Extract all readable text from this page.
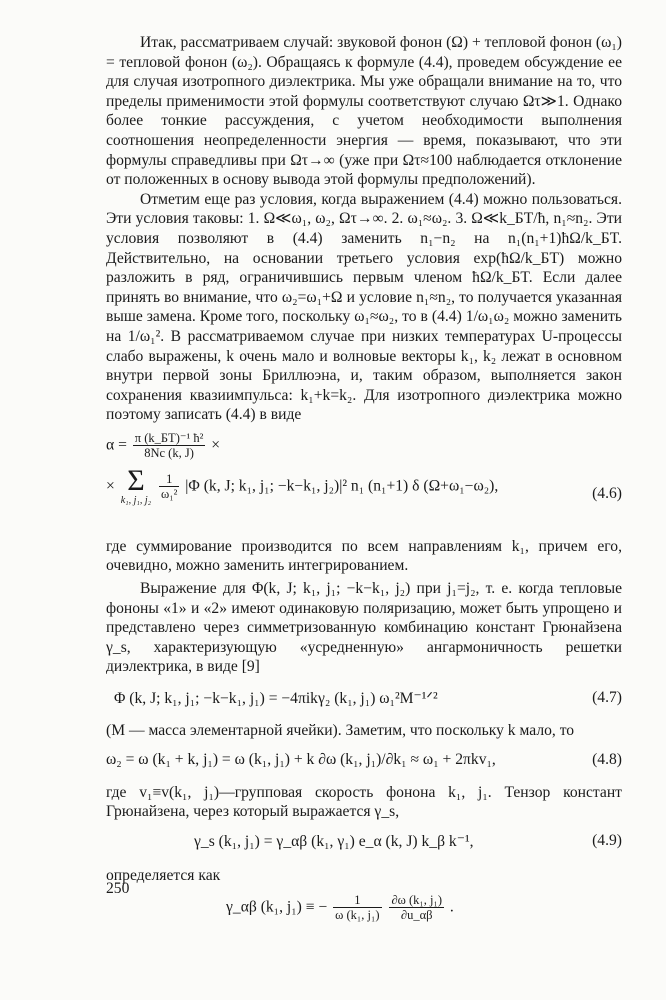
Итак, рассматриваем случай: звуковой фонон (Ω) + тепловой фонон (ω₁) = тепловой фонон (ω₂). Обращаясь к формуле (4.4), проведем обсуждение ее для случая изотропного диэлектрика. Мы уже обращали внимание на то, что пределы применимости этой формулы соответствуют случаю Ωτ≫1. Однако более тонкие рассуждения, с учетом необходимости выполнения соотношения неопределенности энергия — время, показывают, что эти формулы справедливы при Ωτ→∞ (уже при Ωτ≈100 наблюдается отклонение от положенных в основу вывода этой формулы предположений).

Отметим еще раз условия, когда выражением (4.4) можно пользоваться. Эти условия таковы: 1. Ω≪ω₁, ω₂, Ωτ→∞. 2. ω₁≈ω₂. 3. Ω≪k_БT/ħ, n₁≈n₂. Эти условия позволяют в (4.4) заменить n₁−n₂ на n₁(n₁+1)ħΩ/k_БT. Действительно, на основании третьего условия exp(ħΩ/k_БT) можно разложить в ряд, ограничившись первым членом ħΩ/k_БT. Если далее принять во внимание, что ω₂=ω₁+Ω и условие n₁≈n₂, то получается указанная выше замена. Кроме того, поскольку ω₁≈ω₂, то в (4.4) 1/ω₁ω₂ можно заменить на 1/ω₁². В рассматриваемом случае при низких температурах U-процессы слабо выражены, k очень мало и волновые векторы k₁, k₂ лежат в основном внутри первой зоны Бриллюэна, и, таким образом, выполняется закон сохранения квазиимпульса: k₁+k=k₂. Для изотропного диэлектрика можно поэтому записать (4.4) в виде

$\alpha = \frac{\text{π (k\_БT)⁻¹ ħ²}}{8Nc (k, J)}$ ×
× Σ
k₁, j₁, j₂
$\frac{1}{\text{ω₁²}} |\Phi$ (k, J; k₁, j₁; −k−k₁, j₂)|² n₁ (n₁+1) δ (Ω+ω₁−ω₂),	(4.6)

где суммирование производится по всем направлениям k₁, причем его, очевидно, можно заменить интегрированием.

Выражение для Φ(k, J; k₁, j₁; −k−k₁, j₂) при j₁=j₂, т. е. когда тепловые фононы «1» и «2» имеют одинаковую поляризацию, может быть упрощено и представлено через симметризованную комбинацию констант Грюнайзена γ_s, характеризующую «усредненную» ангармоничность решетки диэлектрика, в виде [9]

Φ (k, J; k₁, j₁; −k−k₁, j₁) = −4πikγ₂ (k₁, j₁) ω₁²M⁻¹ᐟ²	(4.7)

(M — масса элементарной ячейки). Заметим, что поскольку k мало, то

ω₂ = ω (k₁ + k, j₁) = ω (k₁, j₁) + k ∂ω (k₁, j₁)/∂k₁ ≈ ω₁ + 2πkv₁,	(4.8)

где v₁≡v(k₁, j₁)—групповая скорость фонона k₁, j₁. Тензор констант Грюнайзена, через который выражается γ_s,

γ_s (k₁, j₁) = γ_αβ (k₁, γ₁) e_α (k, J) k_β k⁻¹,	(4.9)

определяется как

γ_αβ (k₁, j₁) ≡ − $\frac{1}{\text{ω (k₁, j₁)}}$
$\frac{\text{∂ω (k₁, j₁)}}{\partial u\_\alpha\beta}$ .
250
